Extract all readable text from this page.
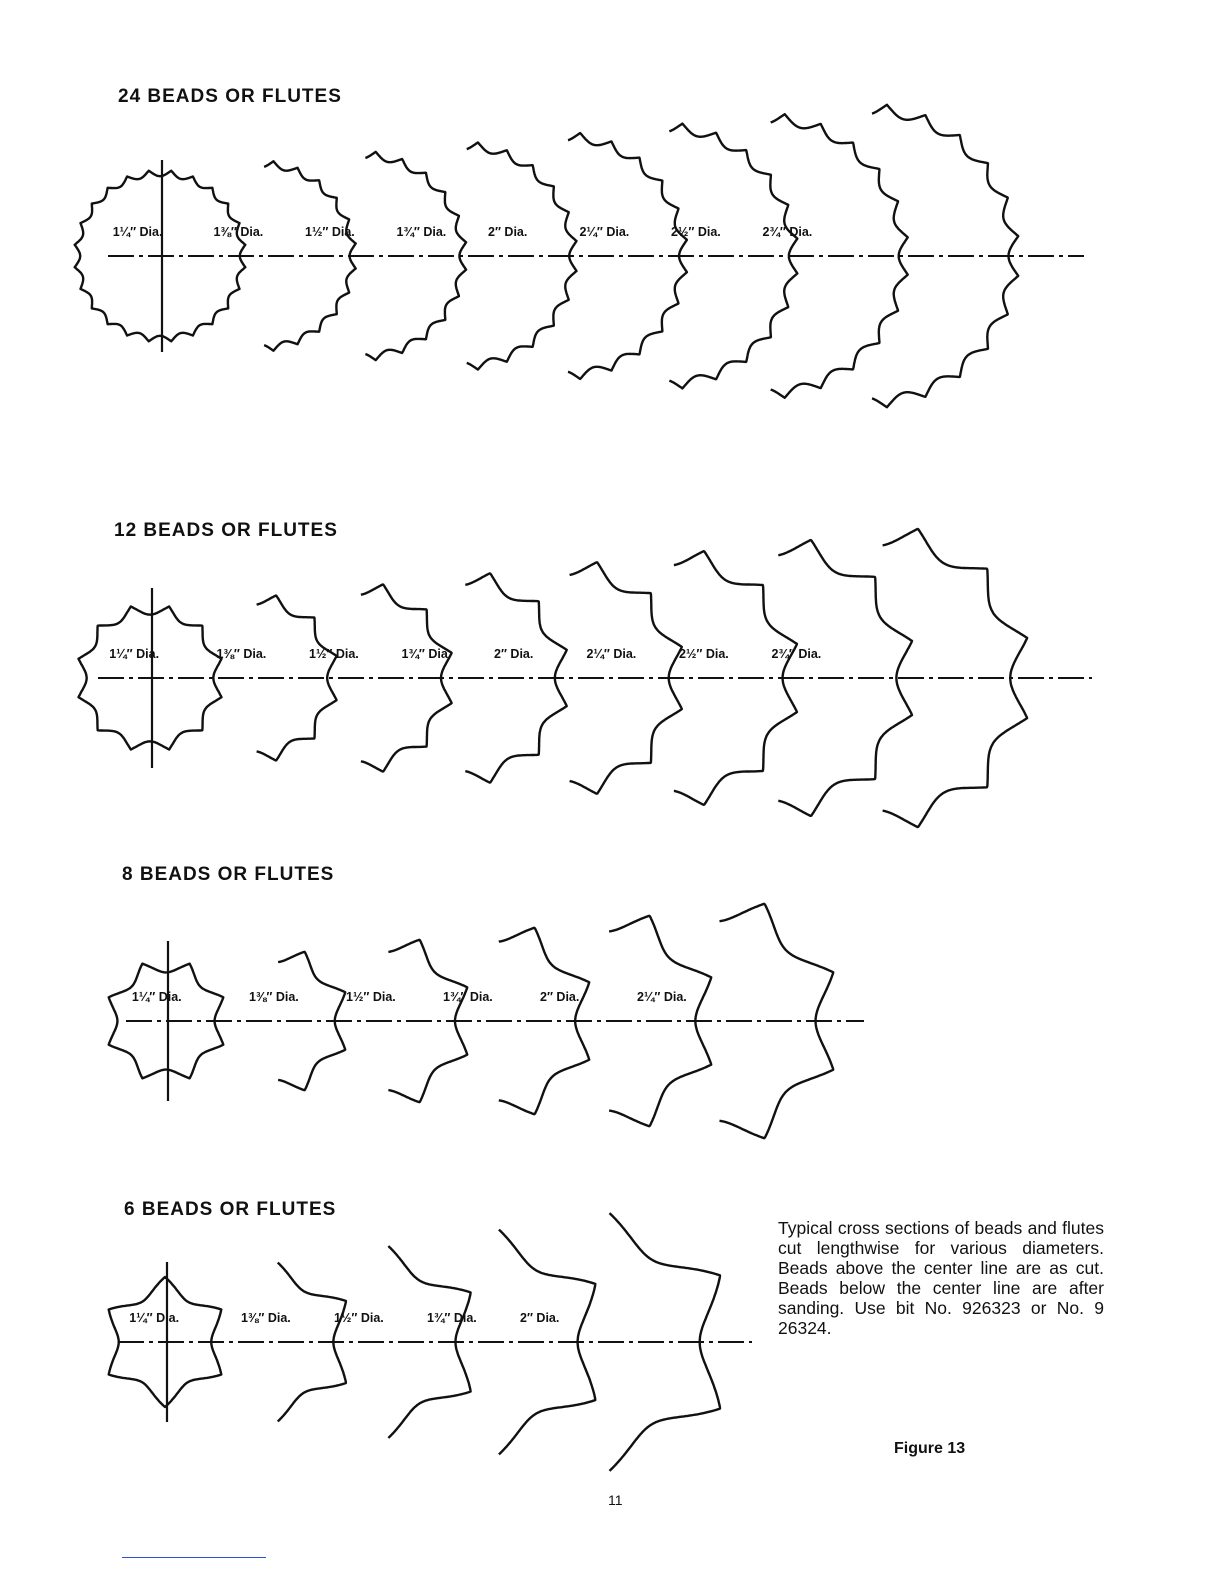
1¼″ Dia.	1⅜″ Dia.	1½″ Dia.	1¾″ Dia.	2″ Dia.	2¼″ Dia.	2½″ Dia.	2¾″ Dia.
1¼″ Dia.	1⅜″ Dia.	1½″ Dia.	1¾″ Dia.	2″ Dia.	2¼″ Dia.	2½″ Dia.	2¾″ Dia.
1¼″ Dia.	1⅜″ Dia.	1½″ Dia.	1¾″ Dia.	2″ Dia.	2¼″ Dia.
1¼″ Dia.	1⅜″ Dia.	1½″ Dia.	1¾″ Dia.	2″ Dia.
24 BEADS OR FLUTES
12 BEADS OR FLUTES
8 BEADS OR FLUTES
6 BEADS OR FLUTES

Typical cross sections of beads and flutes cut lengthwise for various diameters. Beads above the center line are as cut. Beads below the center line are after sanding. Use bit No. 926323 or No. 9 26324.

Figure 13

11
